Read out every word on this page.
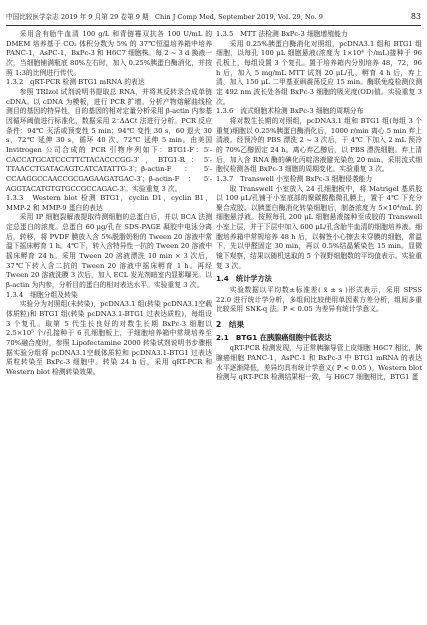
中国比较医学杂志 2019 年 9 月第 29 卷第 9 期 Chin J Comp Med, September 2019, Vol. 29, No. 9	83

采用含有胎牛血清 100 g/L 和青链霉双抗各 100 U/mL 的 DMEM 培养基于 CO₂ 体积分数为 5% 的 37℃恒温培养箱中培养 PANC-1，AsPC-1，BxPc-3 和 H6C7 细胞株。每 2 ~ 3 d 换液一次，当细胞铺满瓶底 80%左右时，加入 0.25%胰蛋白酶消化，并按照 1:3的比例进行传代。

1.3.2　qRT-PCR 检测 BTG1 mRNA 的表达

参照 TRIzol 试剂说明书提取总 RNA，并将其反转录合成单链 cDNA。以 cDNA 为模板，进行 PCR 扩增。分析产物熔解曲线检测目的基因的特异性，目的基因的相对定量分析采用 β-actin 内参基因循环阈值进行标准化，数据采用 2⁻ΔΔCt 法进行分析。PCR 反应条件：94℃ 灭活或预变性 5 min；94℃ 变性 30 s，60 退火 30 s，72℃ 延伸 30 s，循环 40 次，72℃ 延伸 5 min。由美国 Invitrogen 公司合成的 PCR 引物序列如下：BTG1-F：5′-CACCATGCATCCCTTCTACACCCGG-3′，BTG1-R：5′-TTAACCTGATACAGTCATCATATTG-3′；β-actin-F：5′-CCAAGGCCAACCGCGAGAAGATGAC-3′；β-actin-F：5′-AGGTACATGTGTGCCGCCAGAC-3′。实验重复 3 次。

1.3.3　Western blot 检测 BTG1，cyclin D1，cyclin B1，MMP-2 和 MMP-9 蛋白的表达

采用 IP 细胞裂解液提取待测细胞的总蛋白后，并以 BCA 法测定总蛋白的浓度。总蛋白 60 μg/孔在 SDS-PAGE 凝胶中电泳分离后，转移，将 PVDF 膜放入含 5%脱脂奶粉的 Tween 20 溶液中常温下摇床孵育 1 h。4℃下，转入含特异性一抗的 Tween 20 溶液中摇床孵育 24 h。采用 Tween 20 溶液漂洗 10 min × 3 次后，37℃下转入含二抗的 Tween 20 溶液中摇床孵育 1 h。再经 Tween 20 溶液洗膜 3 次后，加入 ECL 发光剂暗室内显影曝光。以 β-actin 为内参，分析目的蛋白的相对表达水平。实验重复 3 次。

1.3.4　细胞分组及转染

实验分为对照组(未转染)，pcDNA3.1 组(转染 pcDNA3.1空载体质粒)和 BTG1 组(转染 pcDNA3.1-BTG1 过表达质粒)，每组设 3 个复孔。取第 5 代生长良好的对数生长期 BxPc-3 细胞以 2.5×10⁵ 个/孔接种于 6 孔细胞板上，于细胞培养箱中常规培养至 70%融合度时，参照 Lipofectamine 2000 转染试剂说明书步骤根据实验分组将 pcDNA3.1空载体质粒和 pcDNA3.1-BTG1 过表达质粒转染至 BxPc-3 细胞中。转染 24 h 后，采用 qRT-PCR 和 Western blot 检测转染效果。

1.3.5　MTT 法检测 BxPc-3 细胞增殖能力

采用 0.25%胰蛋白酶消化对照组，pcDNA3.1 组和 BTG1 组细胞，以每孔 100 μL 细胞悬液(浓度为 1×10⁴ 个/mL)接种于 96 孔板上，每组设置 3 个复孔。置于培养箱内分别培养 48，72，96 h 后，加入 5 mg/mL MTT 试剂 20 μL/孔，孵育 4 h 后，弃上清，加入 150 μL 二甲基亚砜震荡反应 15 min。酶联免疫检测仪测定 492 nm 波长处各组 BxPc-3 细胞的吸光度(OD)值。实验重复 3 次。

1.3.6　流式细胞术检测 BxPc-3 细胞的周期分布

将对数生长期的对照组，pcDNA3.1 组和 BTG1 组(每组 3 个重复)细胞以 0.25%胰蛋白酶消化后，1000 r/min 离心 5 min 弃上清液。经预冷的 PBS 漂洗 2 ~ 3 次后，于 4℃ 下加入 2 mL 预冷的 70%乙醇固定 24 h。离心弃乙醇后，以 PBS 漂洗细胞。弃上清后，加入含 RNA 酶的碘化丙啶溶液避光染色 20 min。采用流式细胞仪检测各组 BxPc-3 细胞的周期变化。实验重复 3 次。

1.3.7　Transwell 小室检测 BxPc-3 细胞侵袭能力

取 Transwell 小室放入 24 孔细胞板中，将 Matrigel 基质胶以 100 μL/孔铺于小室底部的聚碳酸酯微孔膜上，置于 4℃ 下充分聚合成胶。以胰蛋白酶消化转染细胞后，制备浓度为 5×10⁴/mL 的细胞悬浮液。按照每孔 200 μL 细胞悬液接种至成胶的 Transwell 小室上层，并于下层中加入 600 μL/孔含胎牛血清的细胞培养液。细胞培养箱中常规培养 48 h 后，以棉签小心擦去未穿膜的细胞，常温下，先以甲醛固定 30 min，再以 0.5%结晶紫染色 15 min。显微镜下观察，结果以随机选取的 5 个视野细胞数的平均值表示。实验重复 3 次。

1.4　统计学方法

实验数据以平均数±标准差( x̄ ± s )形式表示，采用 SPSS 22.0 进行统计学分析，多组间比较使用单因素方差分析，组间多重比较采用 SNK-q 法。P < 0.05 为差异有统计学意义。

2　结果

2.1　BTG1 在胰腺癌细胞中低表达

qRT-PCR 检测发现，与正常胰腺导管上皮细胞 H6C7 相比，胰腺癌细胞 PANC-1，AsPC-1 和 BxPc-3 中 BTG1 mRNA 的表达水平逐渐降低，差异均具有统计学意义( P < 0.05 )。Western blot 检测与 qRT-PCR 检测结果相一致，与 H6C7 细胞相比，BTG1 蛋
